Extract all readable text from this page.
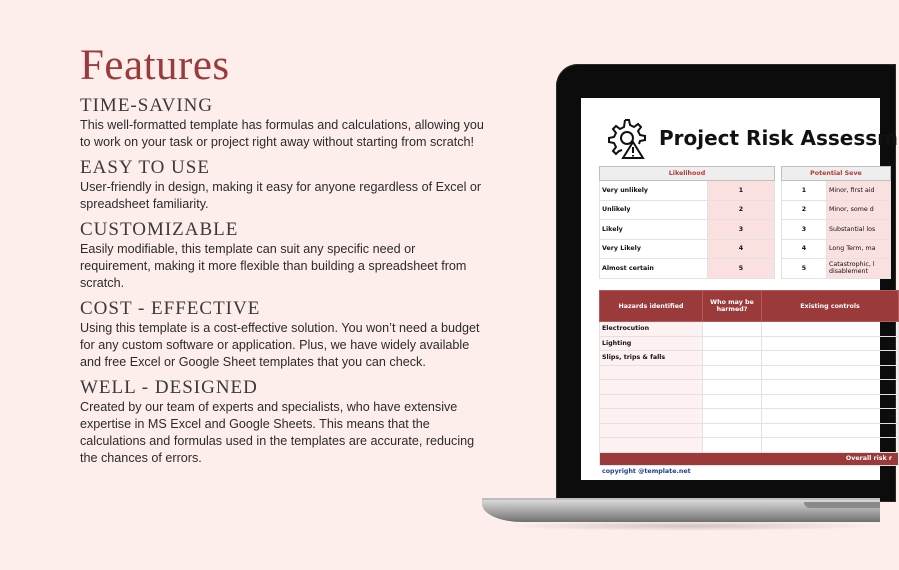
Features
TIME-SAVING

This well-formatted template has formulas and calculations, allowing you to work on your task or project right away without starting from scratch!

EASY TO USE

User-friendly in design, making it easy for anyone regardless of Excel or spreadsheet familiarity.

CUSTOMIZABLE

Easily modifiable, this template can suit any specific need or requirement, making it more flexible than building a spreadsheet from scratch.

COST - EFFECTIVE

Using this template is a cost-effective solution. You won’t need a budget for any custom software or application. Plus, we have widely available and free Excel or Google Sheet templates that you can check.

WELL - DESIGNED

Created by our team of experts and specialists, who have extensive expertise in MS Excel and Google Sheets. This means that the calculations and formulas used in the templates are accurate, reducing the chances of errors.

Project Risk Assessm
Likelihood	
Very unlikely	1
Unlikely	2
Likely	3
Very Likely	4
Almost certain	5
Potential Seve	
1	Minor, first aid
2	Minor, some d
3	Substantial los
4	Long Term, ma
5	Catastrophic, l disablement
Hazards identified	Who may be harmed?	Existing controls
Electrocution		
Lighting		
Slips, trips & falls		

Overall risk r		
copyright @template.net
